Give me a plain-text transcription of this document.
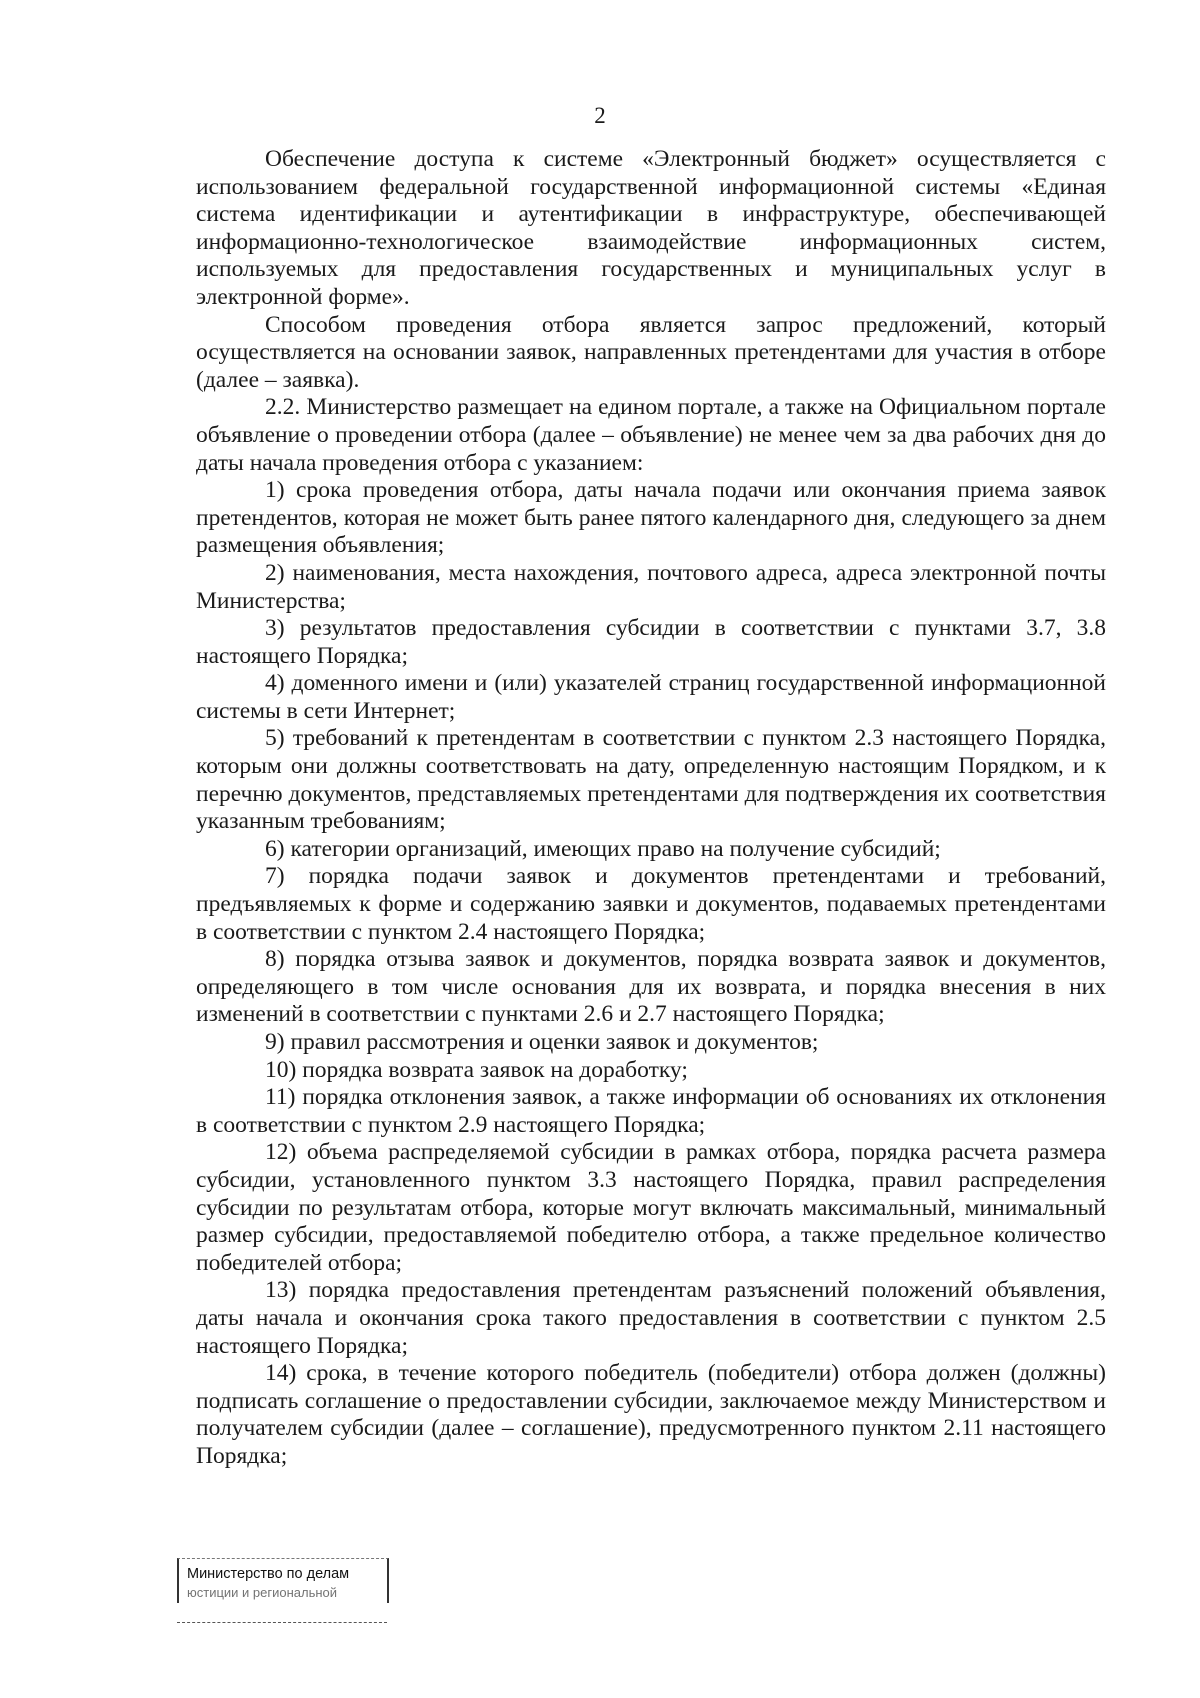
2

Обеспечение доступа к системе «Электронный бюджет» осуществляется с использованием федеральной государственной информационной системы «Единая система идентификации и аутентификации в инфраструктуре, обеспечивающей информационно-технологическое взаимодействие информационных систем, используемых для предоставления государственных и муниципальных услуг в электронной форме».

Способом проведения отбора является запрос предложений, который осуществляется на основании заявок, направленных претендентами для участия в отборе (далее – заявка).

2.2. Министерство размещает на едином портале, а также на Официальном портале объявление о проведении отбора (далее – объявление) не менее чем за два рабочих дня до даты начала проведения отбора с указанием:

1) срока проведения отбора, даты начала подачи или окончания приема заявок претендентов, которая не может быть ранее пятого календарного дня, следующего за днем размещения объявления;

2) наименования, места нахождения, почтового адреса, адреса электронной почты Министерства;

3) результатов предоставления субсидии в соответствии с пунктами 3.7, 3.8 настоящего Порядка;

4) доменного имени и (или) указателей страниц государственной информационной системы в сети Интернет;

5) требований к претендентам в соответствии с пунктом 2.3 настоящего Порядка, которым они должны соответствовать на дату, определенную настоящим Порядком, и к перечню документов, представляемых претендентами для подтверждения их соответствия указанным требованиям;

6) категории организаций, имеющих право на получение субсидий;

7) порядка подачи заявок и документов претендентами и требований, предъявляемых к форме и содержанию заявки и документов, подаваемых претендентами в соответствии с пунктом 2.4 настоящего Порядка;

8) порядка отзыва заявок и документов, порядка возврата заявок и документов, определяющего в том числе основания для их возврата, и порядка внесения в них изменений в соответствии с пунктами 2.6 и 2.7 настоящего Порядка;

9) правил рассмотрения и оценки заявок и документов;

10) порядка возврата заявок на доработку;

11) порядка отклонения заявок, а также информации об основаниях их отклонения в соответствии с пунктом 2.9 настоящего Порядка;

12) объема распределяемой субсидии в рамках отбора, порядка расчета размера субсидии, установленного пунктом 3.3 настоящего Порядка, правил распределения субсидии по результатам отбора, которые могут включать максимальный, минимальный размер субсидии, предоставляемой победителю отбора, а также предельное количество победителей отбора;

13) порядка предоставления претендентам разъяснений положений объявления, даты начала и окончания срока такого предоставления в соответствии с пунктом 2.5 настоящего Порядка;

14) срока, в течение которого победитель (победители) отбора должен (должны) подписать соглашение о предоставлении субсидии, заключаемое между Министерством и получателем субсидии (далее – соглашение), предусмотренного пунктом 2.11 настоящего Порядка;

Министерство по делам
юстиции и региональной
